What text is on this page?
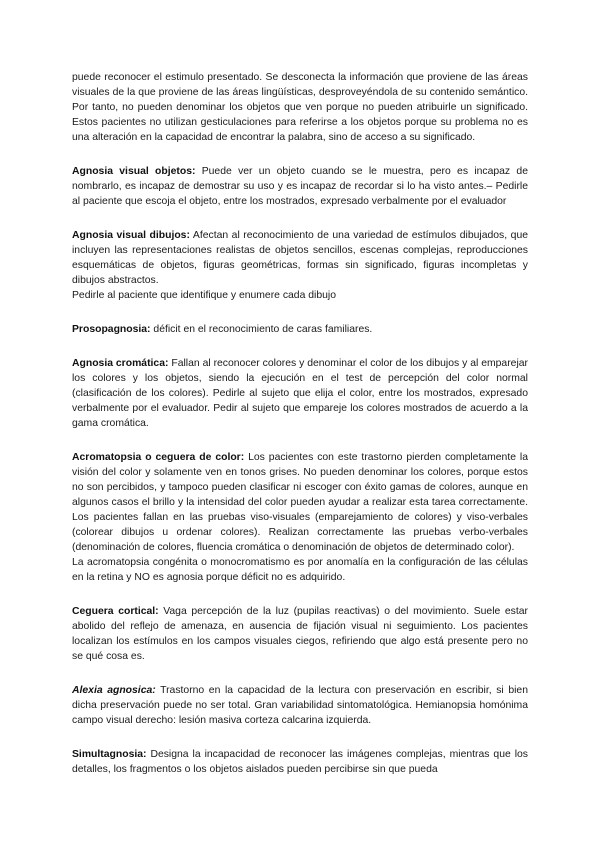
puede reconocer el estimulo presentado. Se desconecta la información que proviene de las áreas visuales de la que proviene de las áreas lingüísticas, desproveyéndola de su contenido semántico. Por tanto, no pueden denominar los objetos que ven porque no pueden atribuirle un significado. Estos pacientes no utilizan gesticulaciones para referirse a los objetos porque su problema no es una alteración en la capacidad de encontrar la palabra, sino de acceso a su significado.

Agnosia visual objetos: Puede ver un objeto cuando se le muestra, pero es incapaz de nombrarlo, es incapaz de demostrar su uso y es incapaz de recordar si lo ha visto antes.– Pedirle al paciente que escoja el objeto, entre los mostrados, expresado verbalmente por el evaluador

Agnosia visual dibujos: Afectan al reconocimiento de una variedad de estímulos dibujados, que incluyen las representaciones realistas de objetos sencillos, escenas complejas, reproducciones esquemáticas de objetos, figuras geométricas, formas sin significado, figuras incompletas y dibujos abstractos.
Pedirle al paciente que identifique y enumere cada dibujo

Prosopagnosia: déficit en el reconocimiento de caras familiares.

Agnosia cromática: Fallan al reconocer colores y denominar el color de los dibujos y al emparejar los colores y los objetos, siendo la ejecución en el test de percepción del color normal (clasificación de los colores). Pedirle al sujeto que elija el color, entre los mostrados, expresado verbalmente por el evaluador. Pedir al sujeto que empareje los colores mostrados de acuerdo a la gama cromática.

Acromatopsia o ceguera de color: Los pacientes con este trastorno pierden completamente la visión del color y solamente ven en tonos grises. No pueden denominar los colores, porque estos no son percibidos, y tampoco pueden clasificar ni escoger con éxito gamas de colores, aunque en algunos casos el brillo y la intensidad del color pueden ayudar a realizar esta tarea correctamente. Los pacientes fallan en las pruebas viso-visuales (emparejamiento de colores) y viso-verbales (colorear dibujos u ordenar colores). Realizan correctamente las pruebas verbo-verbales (denominación de colores, fluencia cromática o denominación de objetos de determinado color).
La acromatopsia congénita o monocromatismo es por anomalía en la configuración de las células en la retina y NO es agnosia porque déficit no es adquirido.

Ceguera cortical: Vaga percepción de la luz (pupilas reactivas) o del movimiento. Suele estar abolido del reflejo de amenaza, en ausencia de fijación visual ni seguimiento. Los pacientes localizan los estímulos en los campos visuales ciegos, refiriendo que algo está presente pero no se qué cosa es.

Alexia agnosica: Trastorno en la capacidad de la lectura con preservación en escribir, si bien dicha preservación puede no ser total. Gran variabilidad sintomatológica. Hemianopsia homónima campo visual derecho: lesión masiva corteza calcarina izquierda.

Simultagnosia: Designa la incapacidad de reconocer las imágenes complejas, mientras que los detalles, los fragmentos o los objetos aislados pueden percibirse sin que pueda
